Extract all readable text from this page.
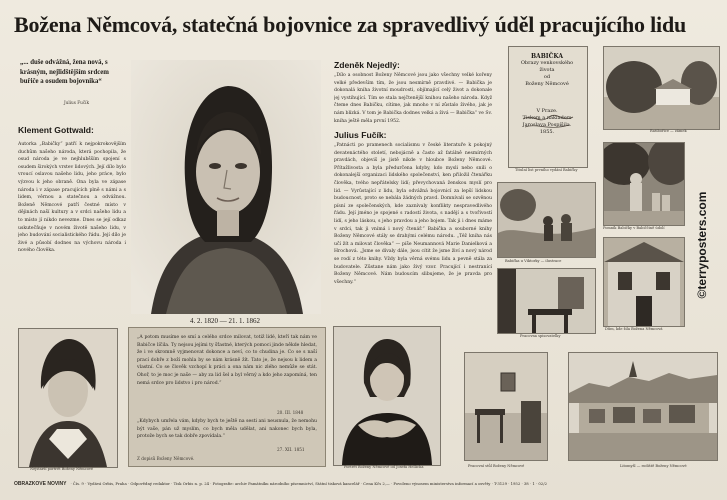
Božena Němcová, statečná bojovnice za spravedlivý úděl pracujícího lidu
„... duše odvážná, žena nová, s krásným, nejlidštějším srdcem buřiče a osudem bojovnika“
Julius Fučík
Klement Gottwald:
Autorka „Babičky“ patří k nejpokrokovějším duchům našeho národa, která pochopila, že osud národa je ve nejhlubšším spojení s osudem širokých vrstev lidových. Její dílo bylo vroucí oslavou našeho lidu, jeho práce, bylo výzvou k jeho obraně. Ona byla ve zápase národa i v zápase pracujících plně s námi a s lidem, věrnou a statečnou a odvážnou. Boženě Němcové patří čestné místo v dějinách naší kultury a v srdci našeho lidu a to místo jí nikdo nevezme. Dnes se její odkaz uskutečňuje v novém životě našeho lidu, v jeho budování socialistického řádu. Její dílo je živé a působí dodnes na výchovu národa i nového člověka.
4. 2. 1820 — 21. 1. 1862
Zdeněk Nejedlý:
„Dílo a osobnost Boženy Němcové jsou jako všechny velké kořeny velké především tím, že jsou nesmírně pravdivé. — Babička je dokonalá kniha životní moudrosti, objímající celý život a dokonale jej vystihující. Tím se stala nejčtenější knihou našeho národa. Když čteme dnes Babičku, cítíme, jak mnoho v ní zůstalo živého, jak je nám blízká. V tom je Babička dodnes velká a živá — Babička“ ve Sv. kniha ještě měla první 1952.
Julius Fučík:
„Patnácti po pramenech socialismu v české literatuře k pokojný devatenáctého století, nebojácně a často až fatálně nesmírných pravdách, objeviš je jistě nikde v hloubce Boženy Němcové. Přítažlivosta a byla předurčena kdyby, kdo mysli nebo snili o dokonalejší organizaci lidského společenství, ken přiložil čtenářku člověka, tvého nepřátelsky lidí; převychovaná ženskou myslí pro lid. — Vyrůstající z lidu, byla odvážná bojovnicí za lepší lidskou budoucnost, proto se nebála žádných pravd. Domnívali se ozvěnou písní ze společenských, kde zaznívaly konflikty nespravedlivého řádu. Její jméno je spojené s radostí života, s nadějí a s tvořivostí lidí, s jeho láskou, s jeho pravdou a jeho bojem. Tak ji i dnes máme v srdci, tak ji vnímá i nový čtenář.“ Babička a souborné knihy Boženy Němcové stály se drahými celému národu. „Též kniha nás učí žít a milovat člověka“ — píše Neumannová Marie Danielková a Hrochová. „Jsme se dívaly dále, jsou cítit že jsme živí a nový národ se rodí z této knihy. Vždy byla věrná svému lidu a pevně stála za budovatele. Zůstane nám jako živý vzor. Pracující i nestranící Boženy Němcové. Nám budoucím slibujeme, že je pravda pro všechny.“
BABIČKA
Obrazy venkovského života
od
Boženy Němcové
V Praze.
Tiskem a nákladem Jaroslava Pospíšila.
1855.
Titulní list prvního vydání Babičky
Ratibořice — zámek
Pomník Babičky v Babiččině údolí
Babička u Viktorky — ilustrace
Dům, kde žila Božena Němcová
Pracovna spisovatelky
©terryposters.com
Nejstarší portrét Boženy Němcové
„A potom musíme se smí a celého srdce milovat, totiž lidé, kteří tak nám ve Babičce líčila. Ty nejsou jejími ty šťastné, kterých pomoci jinde někde hledat, že i ve skromně vyjmenovat dokonce a neví, co to chudina je. Co se s naší prací dobře z boží mohla by se nám krásně žít. Tato je, že nejsou k lidem a vlastní. Co se člověk vzchopí k práci a ona nám nic zlého nemůže se stát. Ohoř, to je moc je naše — aby za lid šel a byl věrný a kdo jeho zapomíná, ten nemá srdce pro lidstvo i pro národ.“
20. III. 1848
„Kdybych umřela vám, kdyby bych te ještě na sesti ani neusnula, že nemohu být vaše, pán už myslím, co bych měla udělat, ani nakonec bych byla, protože bych se tak dobře zpovídala.“
27. XII. 1851
Z dopisů Boženy Němcové.
Portrét Boženy Němcové od Josefa Hellicha	Pracovní stůl Boženy Němcové	Litomyšl — rodiště Boženy Němcové
OBRÁZKOVÉ NOVINY · Čís. 9 · Vydává Orbis, Praha · Odpovědný redaktor · Tisk Orbis n. p. 24 · Fotografie: archiv Památníku národního písemnictví, Státní tisková kancelář · Cena Kčs 2,— · Povoleno výnosem ministerstva informací a osvěty · T-3129 · 1952 · 38 · 1 · 02/2
